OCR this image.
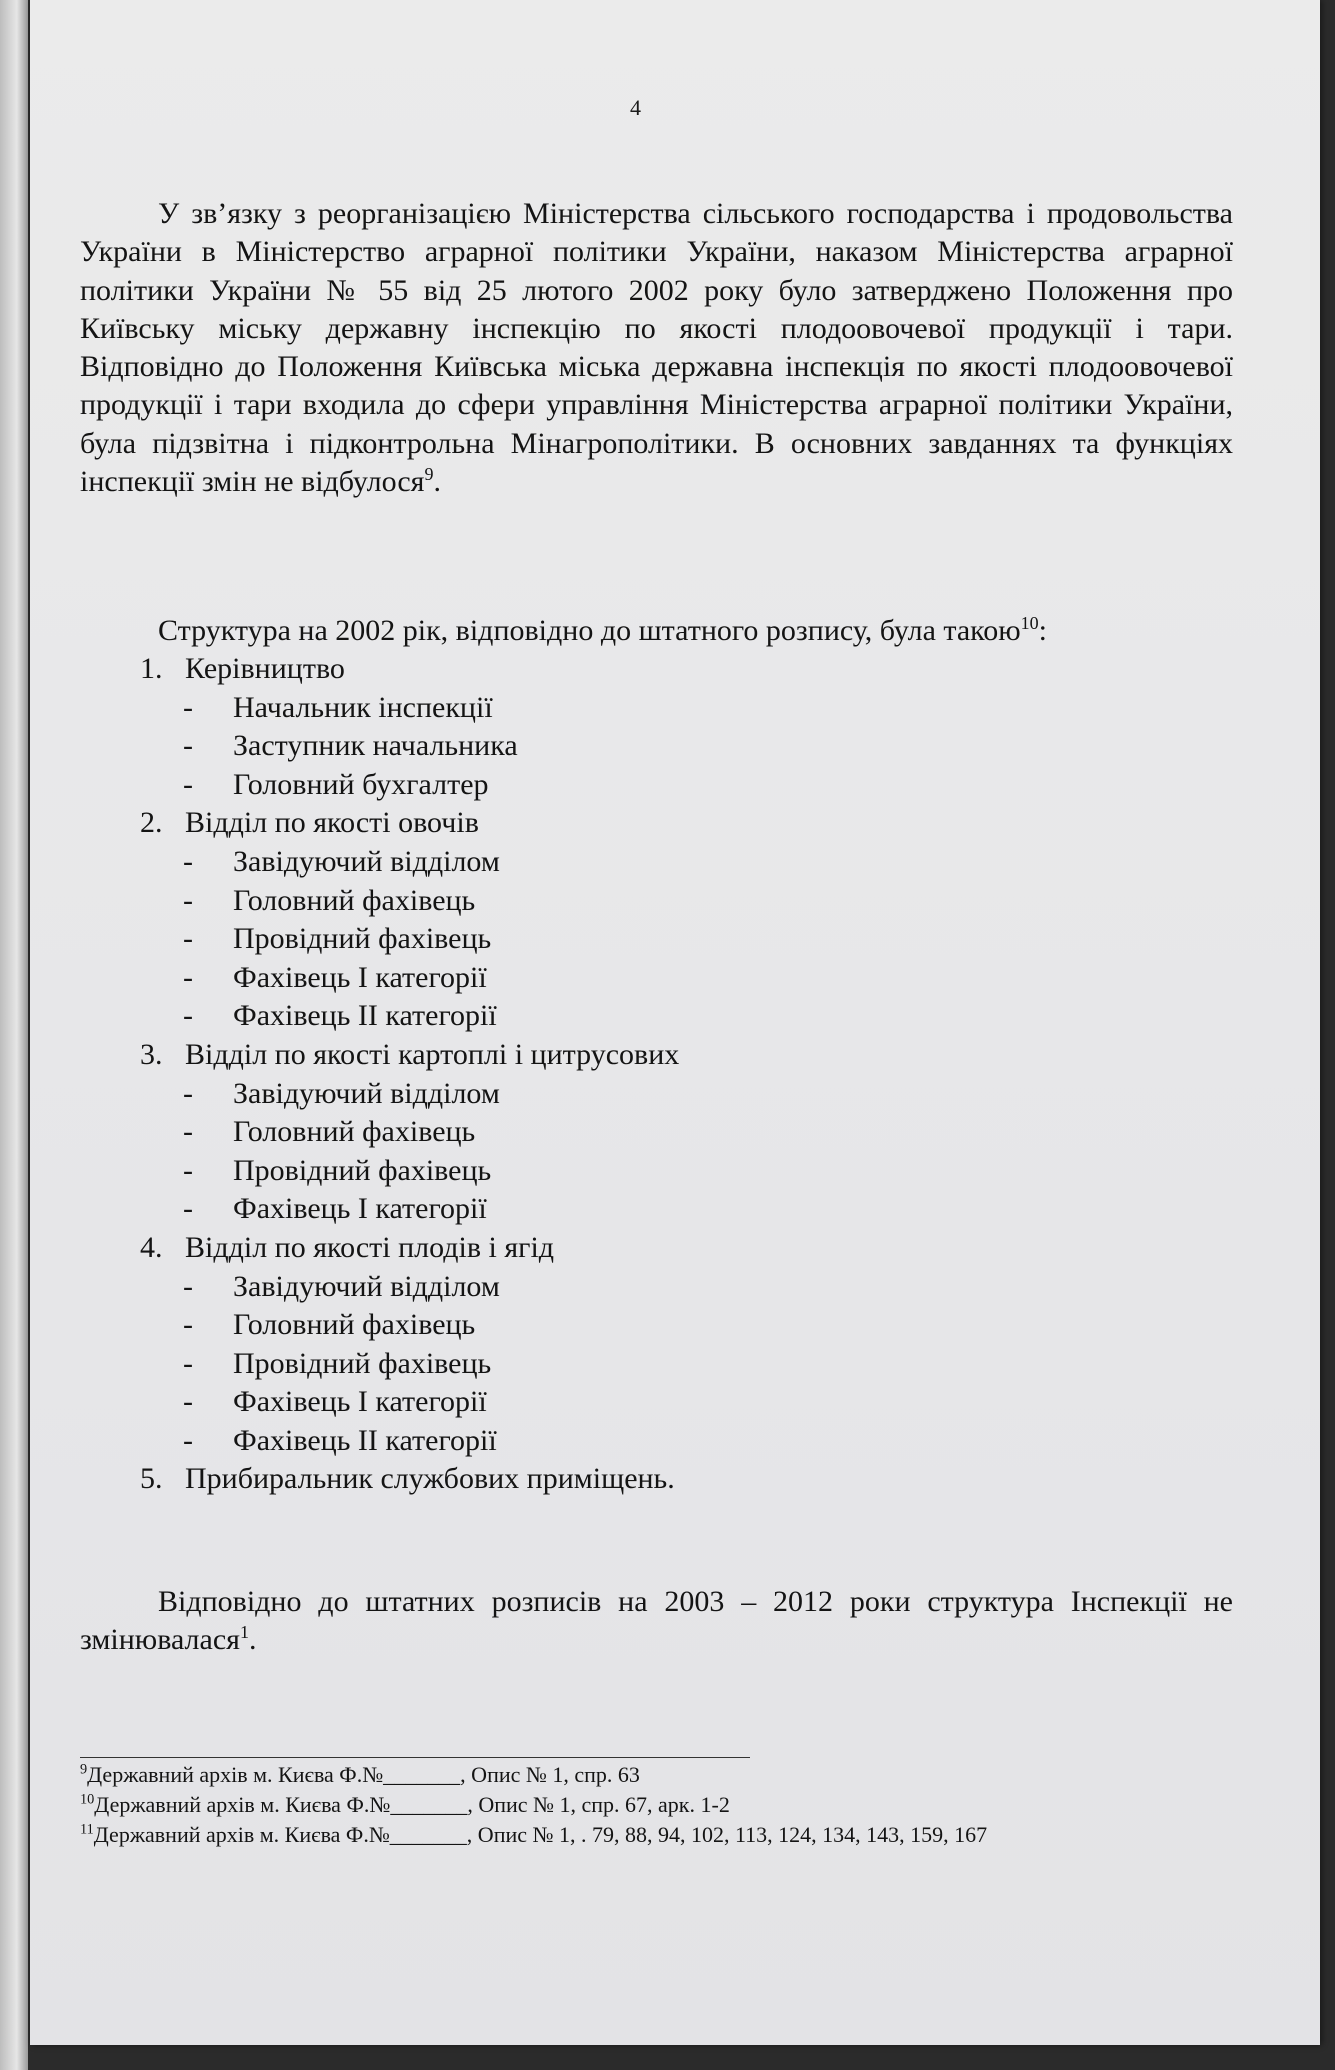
4
У зв’язку з реорганізацією Міністерства сільського господарства і продовольства України в Міністерство аграрної політики України, наказом Міністерства аграрної політики України № 55 від 25 лютого 2002 року було затверджено Положення про Київську міську державну інспекцію по якості плодоовочевої продукції і тари. Відповідно до Положення Київська міська державна інспекція по якості плодоовочевої продукції і тари входила до сфери управління Міністерства аграрної політики України, була підзвітна і підконтрольна Мінагрополітики. В основних завданнях та функціях інспекції змін не відбулося$^9$.
Структура на 2002 рік, відповідно до штатного розпису, була такою$^{10}$:
1. Керівництво
- Начальник інспекції
- Заступник начальника
- Головний бухгалтер
2. Відділ по якості овочів
- Завідуючий відділом
- Головний фахівець
- Провідний фахівець
- Фахівець І категорії
- Фахівець ІІ категорії
3. Відділ по якості картоплі і цитрусових
- Завідуючий відділом
- Головний фахівець
- Провідний фахівець
- Фахівець І категорії
4. Відділ по якості плодів і ягід
- Завідуючий відділом
- Головний фахівець
- Провідний фахівець
- Фахівець І категорії
- Фахівець ІІ категорії
5. Прибиральник службових приміщень.
Відповідно до штатних розписів на 2003 – 2012 роки структура Інспекції не змінювалася$^1$.
$^9$Державний архів м. Києва Ф.№_______, Опис № 1, спр. 63
$^{10}$Державний архів м. Києва Ф.№_______, Опис № 1, спр. 67, арк. 1-2
$^{11}$Державний архів м. Києва Ф.№_______, Опис № 1, . 79, 88, 94, 102, 113, 124, 134, 143, 159, 167
